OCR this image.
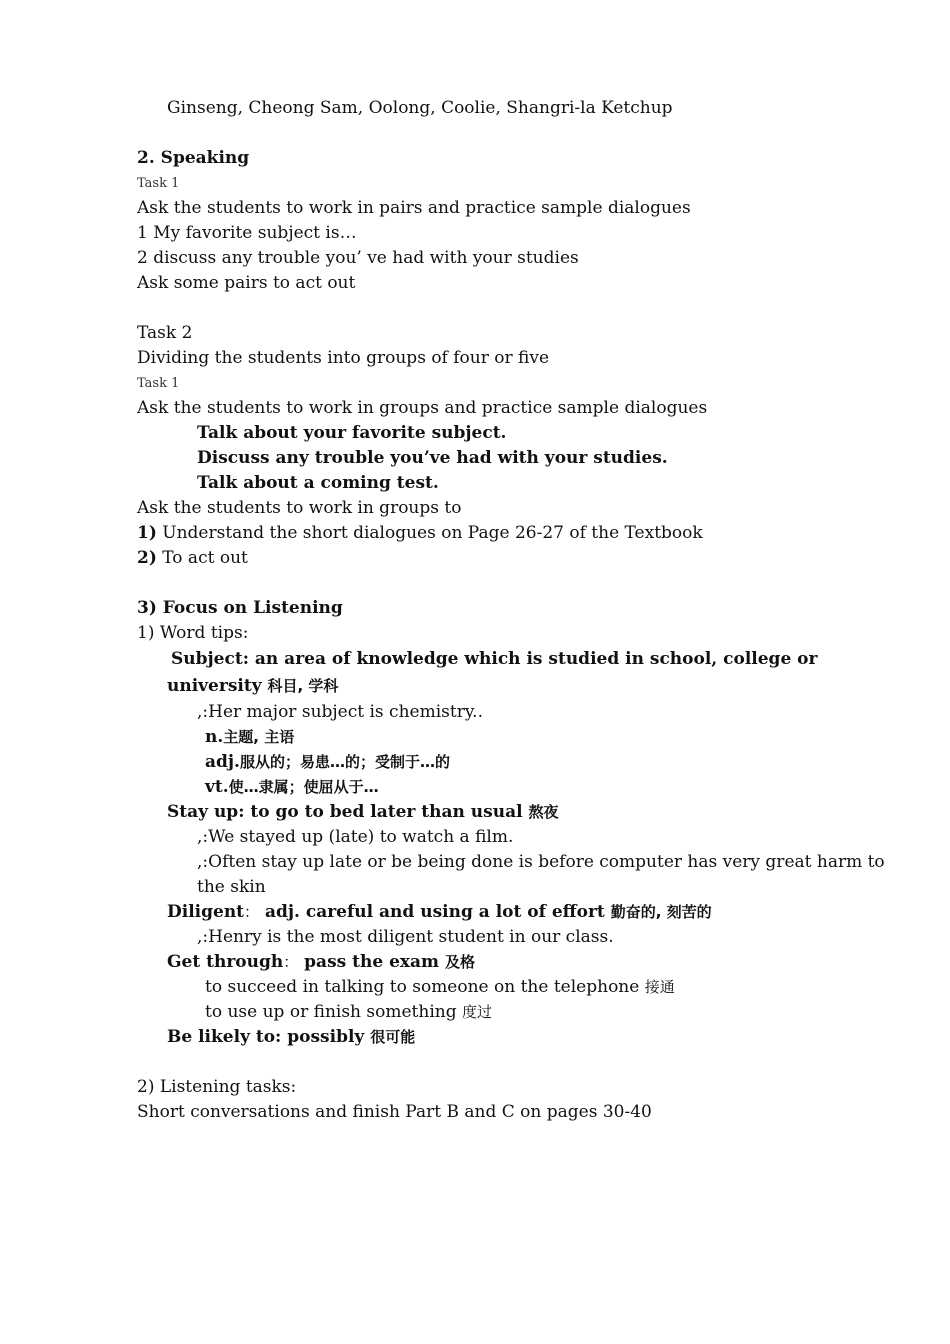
Ginseng, Cheong Sam, Oolong, Coolie, Shangri-la Ketchup
2. Speaking
Task 1
Ask the students to work in pairs and practice sample dialogues
1 My favorite subject is…
2 discuss any trouble you’ ve had with your studies
Ask some pairs to act out
Task 2
Dividing the students into groups of four or five
Task 1
Ask the students to work in groups and practice sample dialogues
Talk about your favorite subject.
Discuss any trouble you’ve had with your studies.
Talk about a coming test.
Ask the students to work in groups to
1) Understand the short dialogues on Page 26-27 of the Textbook
2) To act out
3) Focus on Listening
1) Word tips:
Subject: an area of knowledge which is studied in school, college or
university 科目, 学科
,:Her major subject is chemistry..
n.主题, 主语
adj.服从的；易患…的；受制于…的
vt.使…隶属；使屈从于…
Stay up: to go to bed later than usual 熬夜
,:We stayed up (late) to watch a film.
,:Often stay up late or be being done is before computer has very great harm to
the skin
Diligent： adj. careful and using a lot of effort 勤奋的, 刻苦的
,:Henry is the most diligent student in our class.
Get through： pass the exam 及格
to succeed in talking to someone on the telephone 接通
to use up or finish something 度过
Be likely to: possibly 很可能
2) Listening tasks:
Short conversations and finish Part B and C on pages 30-40
